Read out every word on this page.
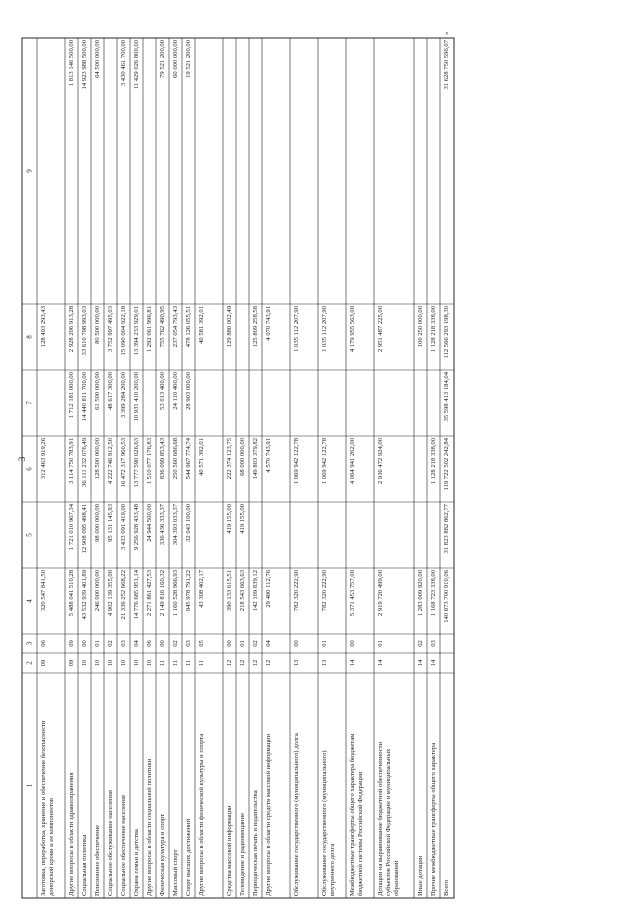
3
1
2
3
4
5
6
7
8
9
Заготовка, переработка, хранение и обеспечение безопасности донорской крови и ее компонентов
09
06
320 547 841,50
312 463 919,26
128 493 293,43
Другие вопросы в области здравоохранения
09
09
5 488 041 510,28
1 721 010 967,34
3 114 750 783,91
1 712 181 000,00
2 928 206 913,28
1 813 146 500,00
Социальная политика
10
00
43 532 939 401,89
12 908 095 498,41
36 111 232 076,49
14 440 811 700,00
33 610 798 993,03
14 923 988 500,00
Пенсионное обеспечение
10
01
246 000 000,00
98 000 000,00
128 500 000,00
61 500 000,00
80 500 000,00
64 500 000,00
Социальное обслуживание населения
10
02
4 902 139 355,00
95 131 145,93
4 222 746 912,50
48 617 300,00
3 752 997 495,03
Социальное обеспечение населения
10
03
21 336 252 668,22
3 433 091 419,00
16 472 317 960,53
3 399 284 200,00
15 090 004 922,18
3 430 461 700,00
Охрана семьи и детства
10
04
14 776 685 951,14
9 256 928 433,48
13 777 590 026,63
10 931 410 200,00
13 394 233 929,01
11 429 026 800,00
Другие вопросы в области социальной политики
10
06
2 271 861 427,53
24 944 500,00
1 510 077 176,83
1 292 061 996,81
Физическая культура и спорт
11
00
2 149 816 160,32
336 436 333,37
836 099 853,43
53 013 400,00
755 762 490,95
79 521 200,00
Массовый спорт
11
02
1 160 528 966,93
304 393 033,37
250 560 686,68
24 110 400,00
237 054 793,43
60 000 000,00
Спорт высших достижений
11
03
945 978 791,22
32 043 100,00
544 967 774,74
28 903 000,00
478 126 055,51
19 521 200,00
Другие вопросы в области физической культуры и спорта
11
05
43 308 402,17
40 571 392,01
40 581 392,01
Средства массовой информации
12
00
390 133 615,51
419 155,00
222 374 123,75
129 880 002,49
Телевидение и радиовещание
12
01
218 543 663,63
419 155,00
68 000 000,00
Периодическая печать и издательства
12
02
142 109 839,12
149 803 379,82
125 809 258,58
Другие вопросы в области средств массовой информации
12
04
29 480 112,76
4 570 743,91
4 070 743,91
Обслуживание государственного (муниципального) долга
13
00
782 320 222,90
1 069 942 122,78
1 035 112 207,90
Обслуживание государственного (муниципального) внутреннего долга
13
01
782 320 222,90
1 069 942 122,78
1 035 112 207,90
Межбюджетные трансферты общего характера бюджетам бюджетной системы Российской Федерации
14
00
5 371 453 757,00
4 064 941 262,00
4 179 955 563,00
Дотации на выравнивание бюджетной обеспеченности субъектов Российской Федерации и муниципальных образований
14
01
2 919 720 499,00
2 936 472 924,00
2 951 487 225,00
Иные дотации
14
02
1 283 009 920,00
100 250 000,00
Прочие межбюджетные трансферты общего характера
14
03
1 168 723 338,00
1 128 218 338,00
1 128 218 338,00
Всего
140 873 700 910,06
31 823 882 862,77
119 722 502 242,84
35 598 413 184,04
112 566 293 198,30
31 628 750 596,07
»
